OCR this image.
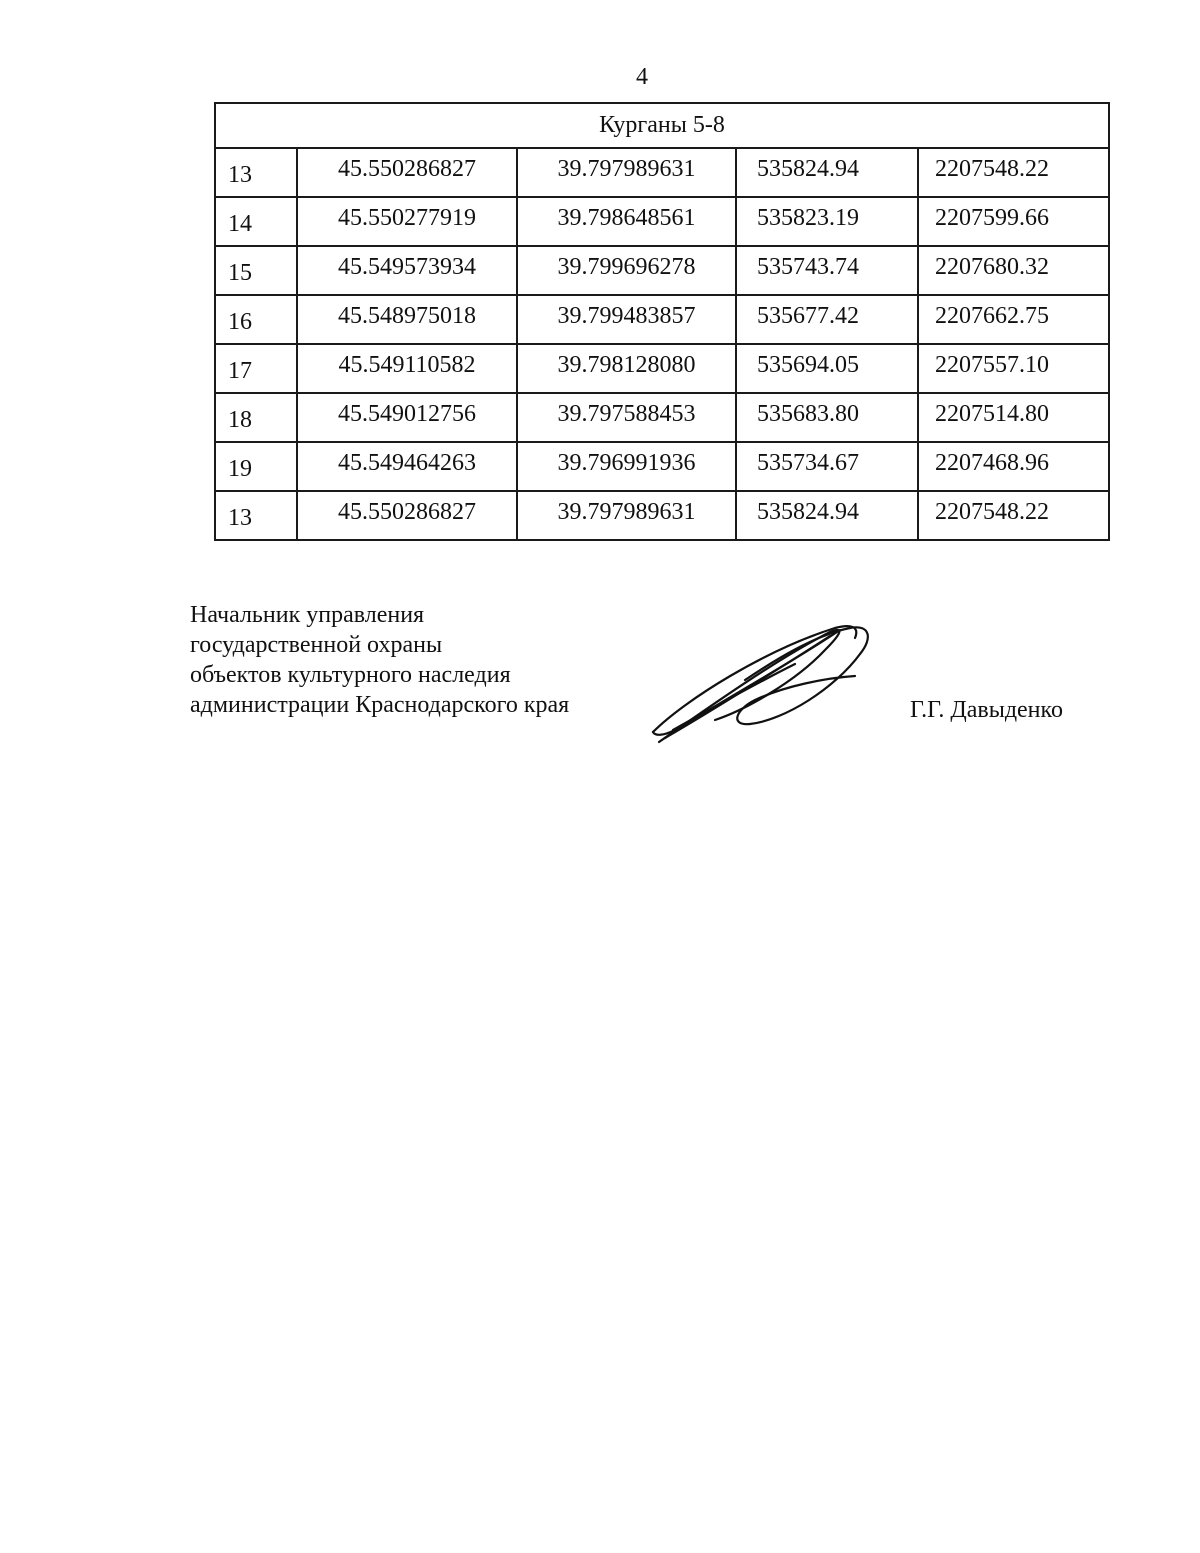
4
Курганы 5-8				
13	45.550286827	39.797989631	535824.94	2207548.22
14	45.550277919	39.798648561	535823.19	2207599.66
15	45.549573934	39.799696278	535743.74	2207680.32
16	45.548975018	39.799483857	535677.42	2207662.75
17	45.549110582	39.798128080	535694.05	2207557.10
18	45.549012756	39.797588453	535683.80	2207514.80
19	45.549464263	39.796991936	535734.67	2207468.96
13	45.550286827	39.797989631	535824.94	2207548.22
Начальник управления
государственной охраны
объектов культурного наследия
администрации Краснодарского края	Г.Г. Давыденко
